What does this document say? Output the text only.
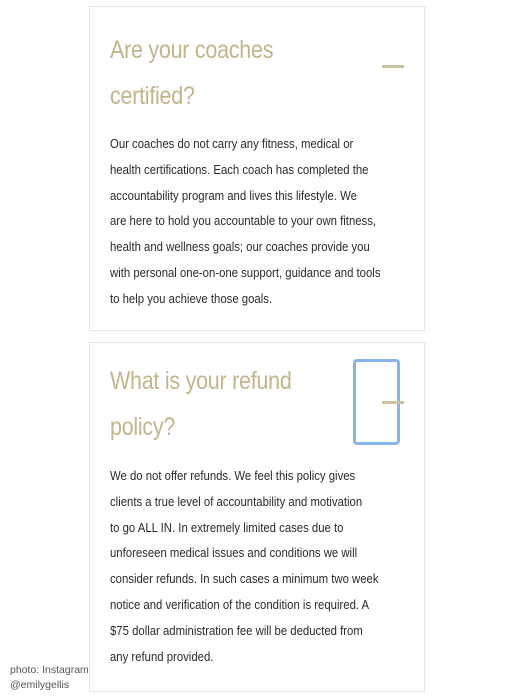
Are your coaches
certified?

Our coaches do not carry any fitness, medical or
health certifications. Each coach has completed the
accountability program and lives this lifestyle. We
are here to hold you accountable to your own fitness,
health and wellness goals; our coaches provide you
with personal one-on-one support, guidance and tools
to help you achieve those goals.

What is your refund
policy?

We do not offer refunds. We feel this policy gives
clients a true level of accountability and motivation
to go ALL IN. In extremely limited cases due to
unforeseen medical issues and conditions we will
consider refunds. In such cases a minimum two week
notice and verification of the condition is required. A
$75 dollar administration fee will be deducted from
any refund provided.

photo: Instagram
@emilygellis
